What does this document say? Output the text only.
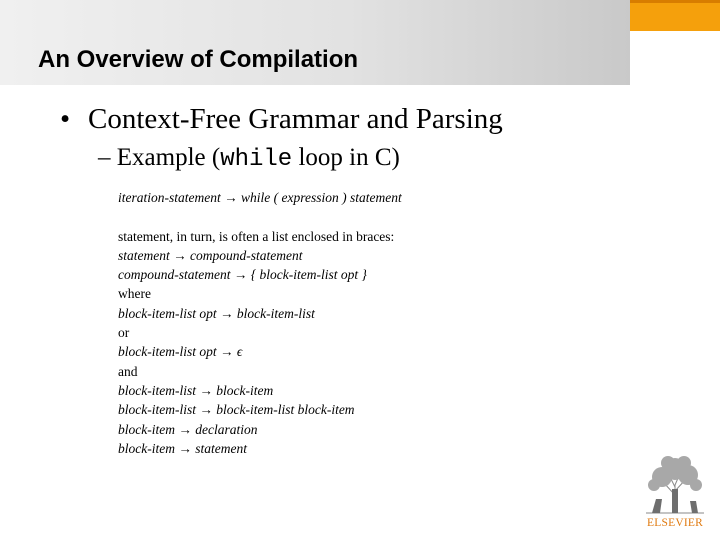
An Overview of Compilation
• Context-Free Grammar and Parsing
– Example (while loop in C)
iteration-statement → while ( expression ) statement
statement, in turn, is often a list enclosed in braces:
statement → compound-statement
compound-statement → { block-item-list opt }
where
block-item-list opt → block-item-list
or
block-item-list opt → ϵ
and
block-item-list → block-item
block-item-list → block-item-list block-item
block-item → declaration
block-item → statement
ELSEVIER
